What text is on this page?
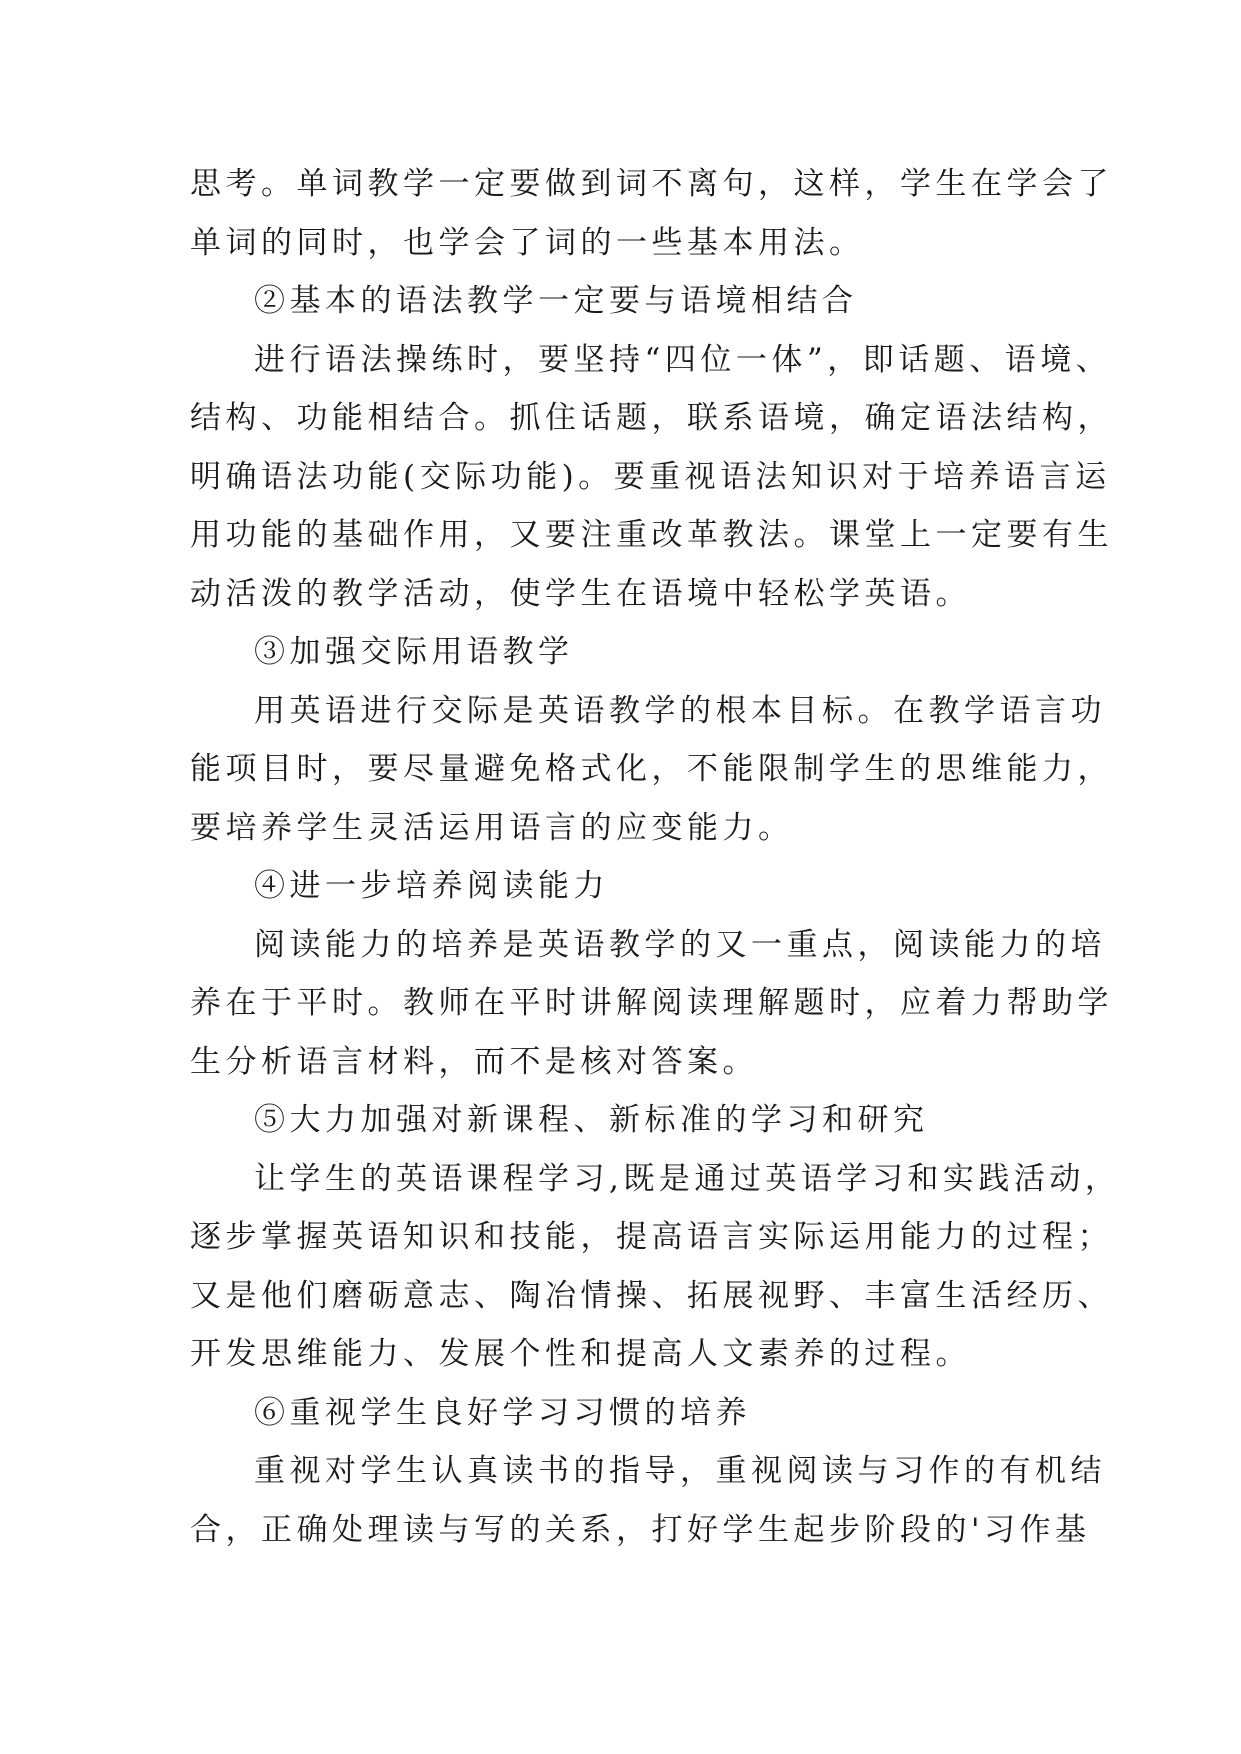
思考。单词教学一定要做到词不离句，这样，学生在学会了
单词的同时，也学会了词的一些基本用法。
②基本的语法教学一定要与语境相结合
进行语法操练时，要坚持“四位一体”，即话题、语境、
结构、功能相结合。抓住话题，联系语境，确定语法结构，
明确语法功能(交际功能)。要重视语法知识对于培养语言运
用功能的基础作用，又要注重改革教法。课堂上一定要有生
动活泼的教学活动，使学生在语境中轻松学英语。
③加强交际用语教学
用英语进行交际是英语教学的根本目标。在教学语言功
能项目时，要尽量避免格式化，不能限制学生的思维能力，
要培养学生灵活运用语言的应变能力。
④进一步培养阅读能力
阅读能力的培养是英语教学的又一重点，阅读能力的培
养在于平时。教师在平时讲解阅读理解题时，应着力帮助学
生分析语言材料，而不是核对答案。
⑤大力加强对新课程、新标准的学习和研究
让学生的英语课程学习,既是通过英语学习和实践活动，
逐步掌握英语知识和技能，提高语言实际运用能力的过程；
又是他们磨砺意志、陶冶情操、拓展视野、丰富生活经历、
开发思维能力、发展个性和提高人文素养的过程。
⑥重视学生良好学习习惯的培养
重视对学生认真读书的指导，重视阅读与习作的有机结
合，正确处理读与写的关系，打好学生起步阶段的'习作基
